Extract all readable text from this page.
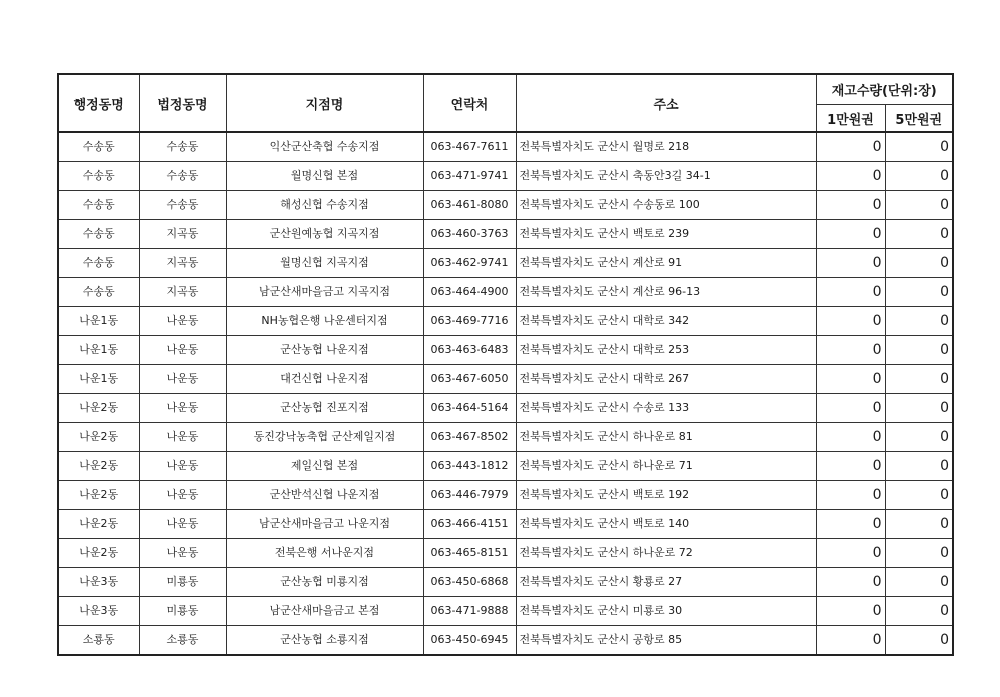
행정동명	법정동명	지점명	연락처	주소	재고수량(단위:장)	
					1만원권	5만원권
수송동	수송동	익산군산축협 수송지점	063-467-7611	전북특별자치도 군산시 월명로 218	0	0
수송동	수송동	월명신협 본점	063-471-9741	전북특별자치도 군산시 축동안3길 34-1	0	0
수송동	수송동	해성신협 수송지점	063-461-8080	전북특별자치도 군산시 수송동로 100	0	0
수송동	지곡동	군산원예농협 지곡지점	063-460-3763	전북특별자치도 군산시 백토로 239	0	0
수송동	지곡동	월명신협 지곡지점	063-462-9741	전북특별자치도 군산시 계산로 91	0	0
수송동	지곡동	남군산새마을금고 지곡지점	063-464-4900	전북특별자치도 군산시 계산로 96-13	0	0
나운1동	나운동	NH농협은행 나운센터지점	063-469-7716	전북특별자치도 군산시 대학로 342	0	0
나운1동	나운동	군산농협 나운지점	063-463-6483	전북특별자치도 군산시 대학로 253	0	0
나운1동	나운동	대건신협 나운지점	063-467-6050	전북특별자치도 군산시 대학로 267	0	0
나운2동	나운동	군산농협 진포지점	063-464-5164	전북특별자치도 군산시 수송로 133	0	0
나운2동	나운동	동진강낙농축협 군산제일지점	063-467-8502	전북특별자치도 군산시 하나운로 81	0	0
나운2동	나운동	제일신협 본점	063-443-1812	전북특별자치도 군산시 하나운로 71	0	0
나운2동	나운동	군산반석신협 나운지점	063-446-7979	전북특별자치도 군산시 백토로 192	0	0
나운2동	나운동	남군산새마을금고 나운지점	063-466-4151	전북특별자치도 군산시 백토로 140	0	0
나운2동	나운동	전북은행 서나운지점	063-465-8151	전북특별자치도 군산시 하나운로 72	0	0
나운3동	미룡동	군산농협 미룡지점	063-450-6868	전북특별자치도 군산시 황룡로 27	0	0
나운3동	미룡동	남군산새마을금고 본점	063-471-9888	전북특별자치도 군산시 미룡로 30	0	0
소룡동	소룡동	군산농협 소룡지점	063-450-6945	전북특별자치도 군산시 공항로 85	0	0
